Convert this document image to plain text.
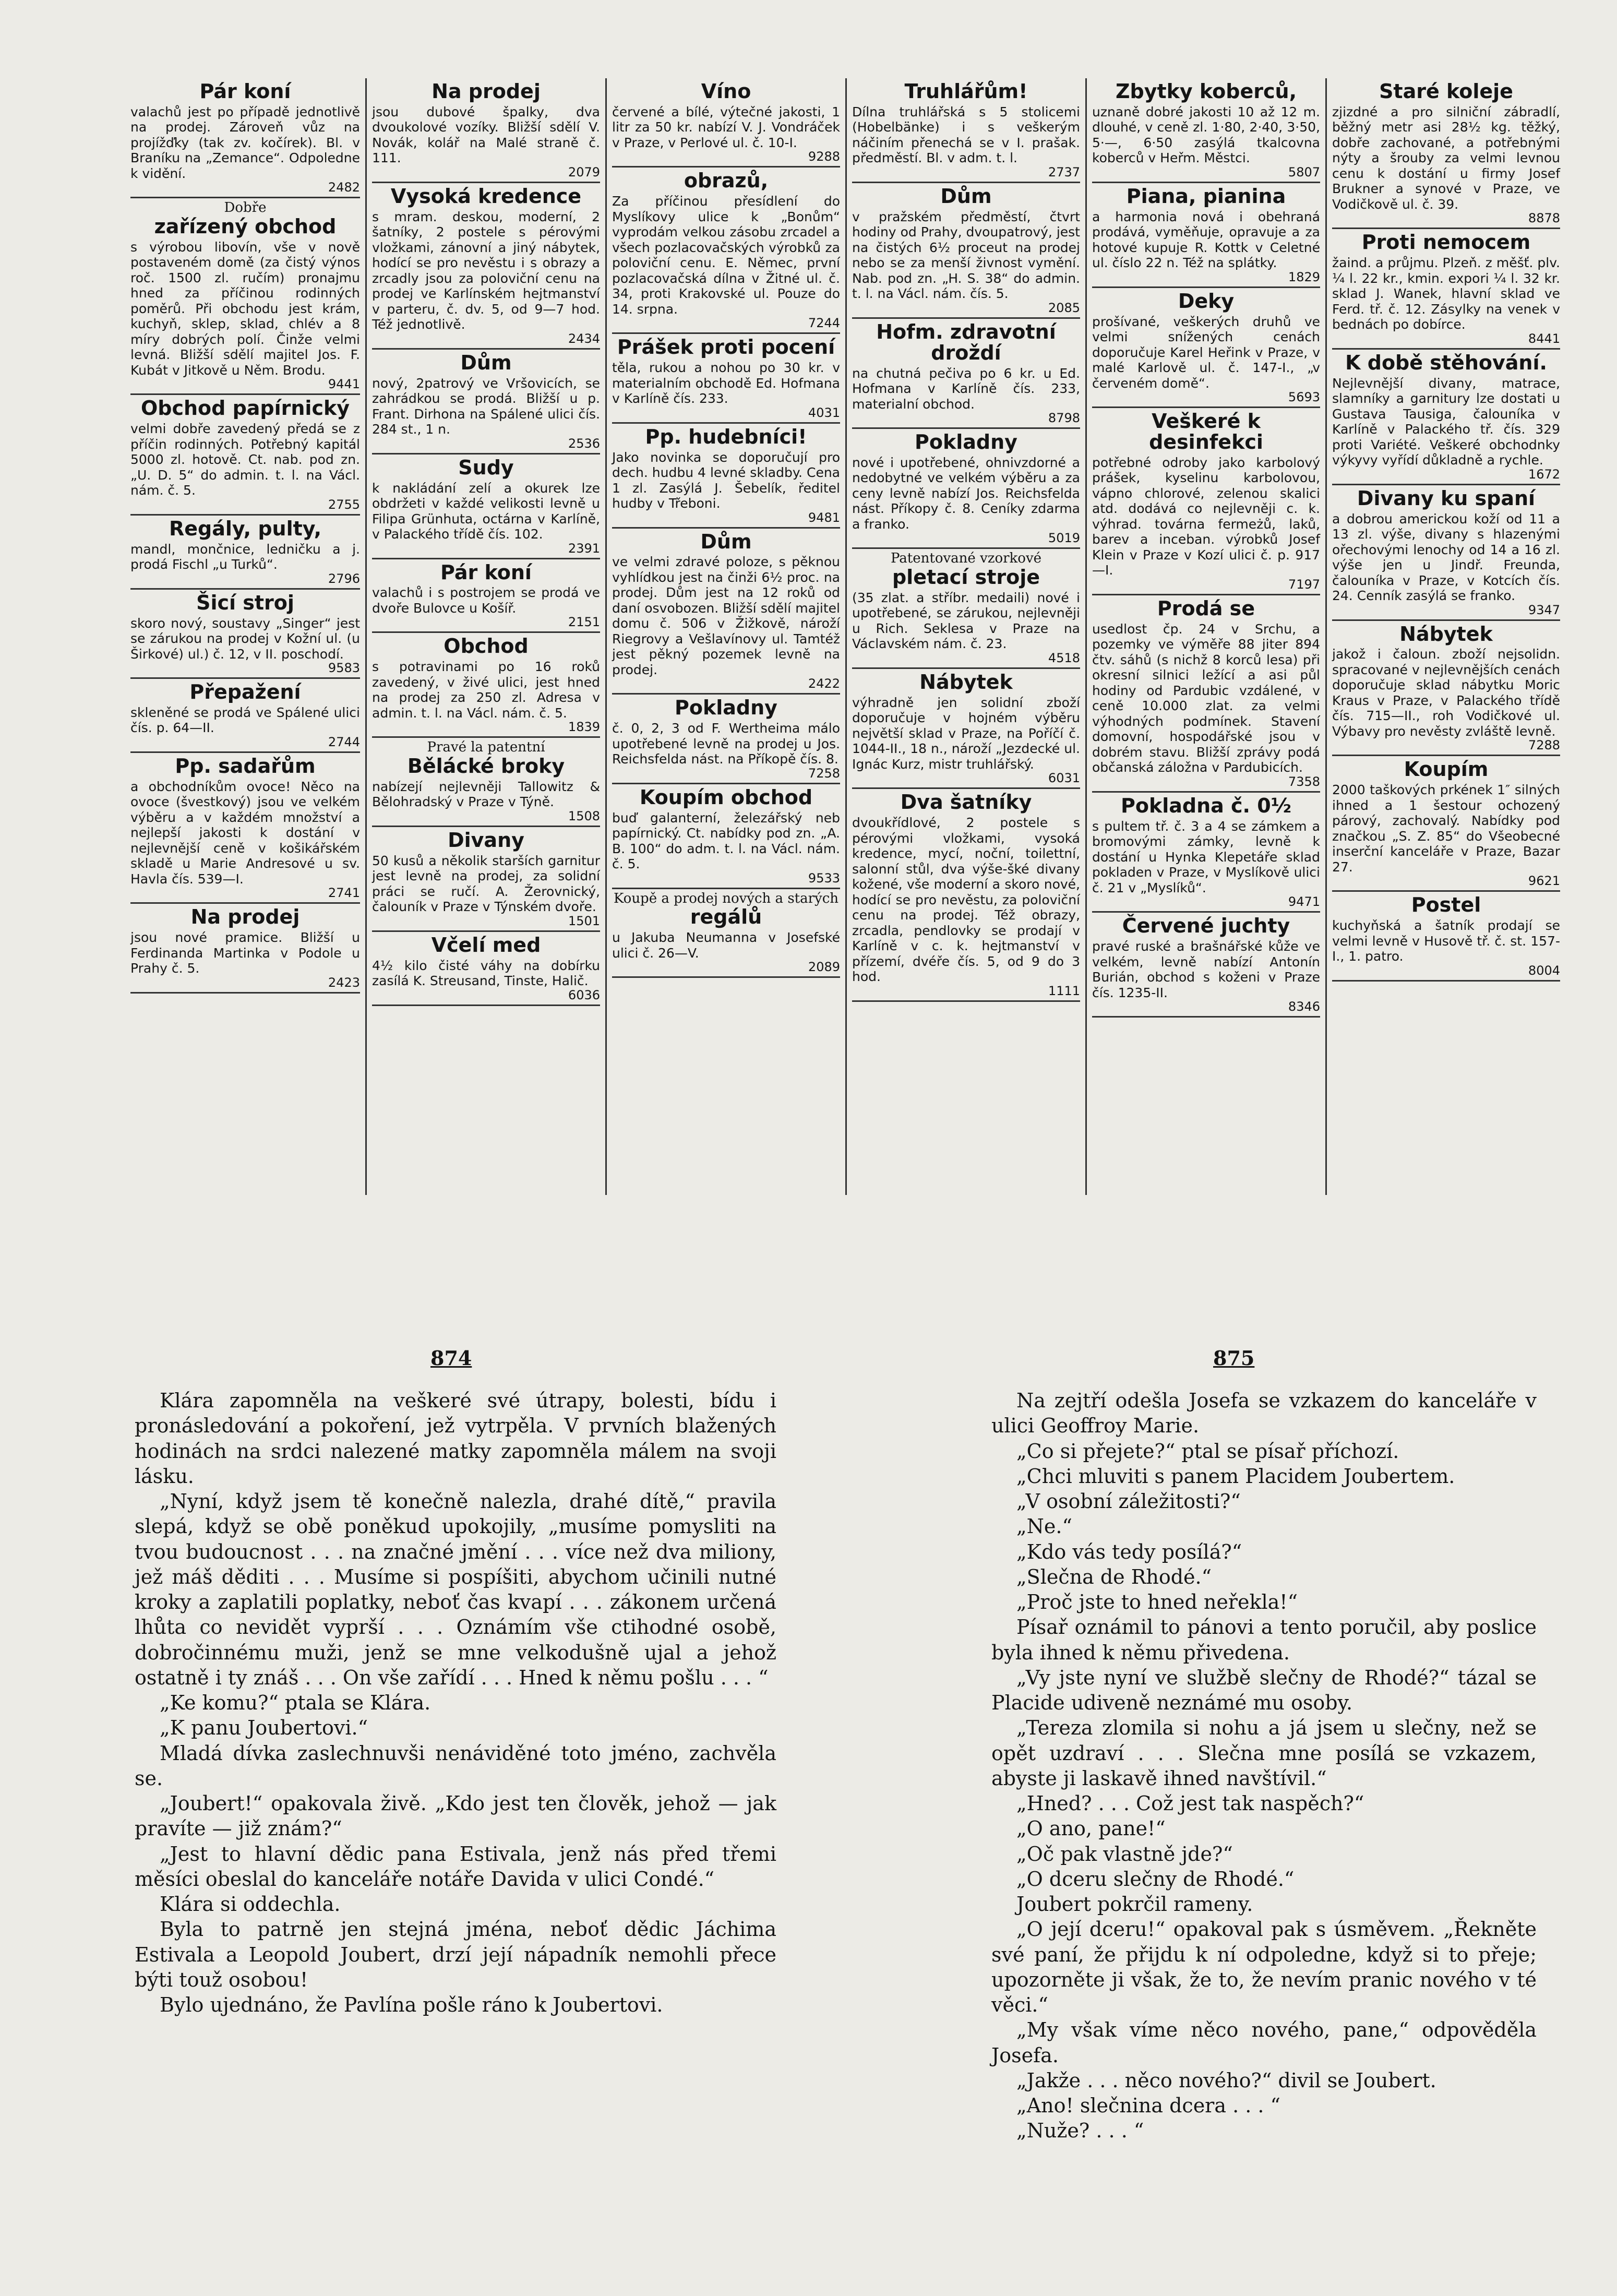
Pár koní
valachů jest po případě jednotlivě na prodej. Zároveň vůz na projížďky (tak zv. kočírek). Bl. v Braníku na „Zemance“. Odpoledne k vidění.
2482
Dobře
zařízený obchod
s výrobou libovín, vše v nově postaveném domě (za čistý výnos roč. 1500 zl. ručím) pronajmu hned za příčinou rodinných poměrů. Při obchodu jest krám, kuchyň, sklep, sklad, chlév a 8 míry dobrých polí. Činže velmi levná. Bližší sdělí majitel Jos. F. Kubát v Jitkově u Něm. Brodu.
9441
Obchod papírnický
velmi dobře zavedený předá se z příčin rodinných. Potřebný kapitál 5000 zl. hotově. Ct. nab. pod zn. „U. D. 5“ do admin. t. l. na Václ. nám. č. 5.
2755
Regály, pulty,
mandl, mončnice, ledničku a j. prodá Fischl „u Turků“.
2796
Šicí stroj
skoro nový, soustavy „Singer“ jest se zárukou na prodej v Kožní ul. (u Širkové) ul.) č. 12, v II. poschodí.
9583
Přepažení
skleněné se prodá ve Spálené ulici čís. p. 64—II.
2744
Pp. sadařům
a obchodníkům ovoce! Něco na ovoce (švestkový) jsou ve velkém výběru a v každém množství a nejlepší jakosti k dostání v nejlevnější ceně v košikářském skladě u Marie Andresové u sv. Havla čís. 539—I.
2741
Na prodej
jsou nové pramice. Bližší u Ferdinanda Martinka v Podole u Prahy č. 5.
2423
Na prodej
jsou dubové špalky, dva dvoukolové vozíky. Bližší sdělí V. Novák, kolář na Malé straně č. 111.
2079
Vysoká kredence
s mram. deskou, moderní, 2 šatníky, 2 postele s pérovými vložkami, zánovní a jiný nábytek, hodící se pro nevěstu i s obrazy a zrcadly jsou za poloviční cenu na prodej ve Karlínském hejtmanství v parteru, č. dv. 5, od 9—7 hod. Též jednotlivě.
2434
Dům
nový, 2patrový ve Vršovicích, se zahrádkou se prodá. Bližší u p. Frant. Dirhona na Spálené ulici čís. 284 st., 1 n.
2536
Sudy
k nakládání zelí a okurek lze obdržeti v každé velikosti levně u Filipa Grünhuta, octárna v Karlíně, v Palackého třídě čís. 102.
2391
Pár koní
valachů i s postrojem se prodá ve dvoře Bulovce u Košíř.
2151
Obchod
s potravinami po 16 roků zavedený, v živé ulici, jest hned na prodej za 250 zl. Adresa v admin. t. l. na Václ. nám. č. 5.
1839
Pravé la patentní
Bělácké broky
nabízejí nejlevněji Tallowitz & Bělohradský v Praze v Týně.
1508
Divany
50 kusů a několik starších garnitur jest levně na prodej, za solidní práci se ručí. A. Žerovnický, čalouník v Praze v Týnském dvoře.
1501
Včelí med
4½ kilo čisté váhy na dobírku zasílá K. Streusand, Tinste, Halič.
6036
Víno
červené a bílé, výtečné jakosti, 1 litr za 50 kr. nabízí V. J. Vondráček v Praze, v Perlové ul. č. 10-I.
9288
obrazů,
Za příčinou přesídlení do Myslíkovy ulice k „Bonům“ vyprodám velkou zásobu zrcadel a všech pozlacovačských výrobků za poloviční cenu. E. Němec, první pozlacovačská dílna v Žitné ul. č. 34, proti Krakovské ul. Pouze do 14. srpna.
7244
Prášek proti pocení
těla, rukou a nohou po 30 kr. v materialním obchodě Ed. Hofmana v Karlíně čís. 233.
4031
Pp. hudebníci!
Jako novinka se doporučují pro dech. hudbu 4 levné skladby. Cena 1 zl. Zasýlá J. Šebelík, ředitel hudby v Třeboni.
9481
Dům
ve velmi zdravé poloze, s pěknou vyhlídkou jest na činži 6½ proc. na prodej. Dům jest na 12 roků od daní osvobozen. Bližší sdělí majitel domu č. 506 v Žižkově, nároží Riegrovy a Vešlavínovy ul. Tamtéž jest pěkný pozemek levně na prodej.
2422
Pokladny
č. 0, 2, 3 od F. Wertheima málo upotřebené levně na prodej u Jos. Reichsfelda nást. na Příkopě čís. 8.
7258
Koupím obchod
buď galanterní, železářský neb papírnický. Ct. nabídky pod zn. „A. B. 100“ do adm. t. l. na Václ. nám. č. 5.
9533
Koupě a prodej nových a starých
regálů
u Jakuba Neumanna v Josefské ulici č. 26—V.
2089
Truhlářům!
Dílna truhlářská s 5 stolicemi (Hobelbänke) i s veškerým náčiním přenechá se v I. prašak. předměstí. Bl. v adm. t. l.
2737
Dům
v pražském předměstí, čtvrt hodiny od Prahy, dvoupatrový, jest na čistých 6½ proceut na prodej nebo se za menší živnost vymění. Nab. pod zn. „H. S. 38“ do admin. t. l. na Václ. nám. čís. 5.
2085
Hofm. zdravotní droždí
na chutná pečiva po 6 kr. u Ed. Hofmana v Karlíně čís. 233, materialní obchod.
8798
Pokladny
nové i upotřebené, ohnivzdorné a nedobytné ve velkém výběru a za ceny levně nabízí Jos. Reichsfelda nást. Příkopy č. 8. Ceníky zdarma a franko.
5019
Patentované vzorkové
pletací stroje
(35 zlat. a stříbr. medaili) nové i upotřebené, se zárukou, nejlevněji u Rich. Seklesa v Praze na Václavském nám. č. 23.
4518
Nábytek
výhradně jen solidní zboží doporučuje v hojném výběru největší sklad v Praze, na Poříčí č. 1044-II., 18 n., nároží „Jezdecké ul. Ignác Kurz, mistr truhlářský.
6031
Dva šatníky
dvoukřídlové, 2 postele s pérovými vložkami, vysoká kredence, mycí, noční, toilettní, salonní stůl, dva výše-šké divany kožené, vše moderní a skoro nové, hodící se pro nevěstu, za poloviční cenu na prodej. Též obrazy, zrcadla, pendlovky se prodají v Karlíně v c. k. hejtmanství v přízemí, dvéře čís. 5, od 9 do 3 hod.
1111
Zbytky koberců,
uznaně dobré jakosti 10 až 12 m. dlouhé, v ceně zl. 1·80, 2·40, 3·50, 5·—, 6·50 zasýlá tkalcovna koberců v Heřm. Městci.
5807
Piana, pianina
a harmonia nová i obehraná prodává, vyměňuje, opravuje a za hotové kupuje R. Kottk v Celetné ul. číslo 22 n. Též na splátky.
1829
Deky
prošívané, veškerých druhů ve velmi snížených cenách doporučuje Karel Heřink v Praze, v malé Karlově ul. č. 147-I., „v červeném domě“.
5693
Veškeré k desinfekci
potřebné odroby jako karbolový prášek, kyselinu karbolovou, vápno chlorové, zelenou skalici atd. dodává co nejlevněji c. k. výhrad. továrna fermeżů, laků, barev a inceban. výrobků Josef Klein v Praze v Kozí ulici č. p. 917—I.
7197
Prodá se
usedlost čp. 24 v Srchu, a pozemky ve výměře 88 jiter 894 čtv. sáhů (s nichž 8 korců lesa) při okresní silnici ležící a asi půl hodiny od Pardubic vzdálené, v ceně 10.000 zlat. za velmi výhodných podmínek. Stavení domovní, hospodářské jsou v dobrém stavu. Bližší zprávy podá občanská záložna v Pardubicích.
7358
Pokladna č. 0½
s pultem tř. č. 3 a 4 se zámkem a bromovými zámky, levně k dostání u Hynka Klepetáře sklad pokladen v Praze, v Myslíkově ulici č. 21 v „Myslíků“.
9471
Červené juchty
pravé ruské a brašnářské kůže ve velkém, levně nabízí Antonín Burián, obchod s koženi v Praze čís. 1235-II.
8346
Staré koleje
zjizdné a pro silniční zábradlí, běžný metr asi 28½ kg. těžký, dobře zachované, a potřebnými nýty a šrouby za velmi levnou cenu k dostání u firmy Josef Brukner a synové v Praze, ve Vodičkově ul. č. 39.
8878
Proti nemocem
žaind. a průjmu. Plzeň. z měšť. plv. ¼ l. 22 kr., kmin. expori ¼ l. 32 kr. sklad J. Wanek, hlavní sklad ve Ferd. tř. č. 12. Zásylky na venek v bednách po dobírce.
8441
K době stěhování.
Nejlevnější divany, matrace, slamníky a garnitury lze dostati u Gustava Tausiga, čalouníka v Karlíně v Palackého tř. čís. 329 proti Variété. Veškeré obchodnky výkyvy vyřídí důkladně a rychle.
1672
Divany ku spaní
a dobrou americkou koží od 11 a 13 zl. výše, divany s hlazenými ořechovými lenochy od 14 a 16 zl. výše jen u Jindř. Freunda, čalouníka v Praze, v Kotcích čís. 24. Cenník zasýlá se franko.
9347
Nábytek
jakož i čaloun. zboží nejsolidn. spracované v nejlevnějších cenách doporučuje sklad nábytku Moric Kraus v Praze, v Palackého třídě čís. 715—II., roh Vodičkové ul. Výbavy pro nevěsty zvláště levně.
7288
Koupím
2000 taškových prkének 1″ silných ihned a 1 šestour ochozený párový, zachovalý. Nabídky pod značkou „S. Z. 85“ do Všeobecné inserční kanceláře v Praze, Bazar 27.
9621
Postel
kuchyňská a šatník prodají se velmi levně v Husově tř. č. st. 157-I., 1. patro.
8004
874	875

Klára zapomněla na veškeré své útrapy, bolesti, bídu i pronásledování a pokoření, jež vytrpěla. V prvních blažených hodinách na srdci nalezené matky zapomněla málem na svoji lásku.

„Nyní, když jsem tě konečně nalezla, drahé dítě,“ pravila slepá, když se obě poněkud upokojily, „musíme pomysliti na tvou budoucnost . . . na značné jmění . . . více než dva miliony, jež máš děditi . . . Musíme si pospíšiti, abychom učinili nutné kroky a zaplatili poplatky, neboť čas kvapí . . . zákonem určená lhůta co nevidět vyprší . . . Oznámím vše ctihodné osobě, dobročinnému muži, jenž se mne velkodušně ujal a jehož ostatně i ty znáš . . . On vše zařídí . . . Hned k němu pošlu . . . “

„Ke komu?“ ptala se Klára.

„K panu Joubertovi.“

Mladá dívka zaslechnuvši nenáviděné toto jméno, zachvěla se.

„Joubert!“ opakovala živě. „Kdo jest ten člověk, jehož — jak pravíte — již znám?“

„Jest to hlavní dědic pana Estivala, jenž nás před třemi měsíci obeslal do kanceláře notáře Davida v ulici Condé.“

Klára si oddechla.

Byla to patrně jen stejná jména, neboť dědic Jáchima Estivala a Leopold Joubert, drzí její nápadník nemohli přece býti touž osobou!

Bylo ujednáno, že Pavlína pošle ráno k Joubertovi.

Na zejtří odešla Josefa se vzkazem do kanceláře v ulici Geoffroy Marie.

„Co si přejete?“ ptal se písař příchozí.

„Chci mluviti s panem Placidem Joubertem.

„V osobní záležitosti?“

„Ne.“

„Kdo vás tedy posílá?“

„Slečna de Rhodé.“

„Proč jste to hned neřekla!“

Písař oznámil to pánovi a tento poručil, aby poslice byla ihned k němu přivedena.

„Vy jste nyní ve službě slečny de Rhodé?“ tázal se Placide udiveně neznámé mu osoby.

„Tereza zlomila si nohu a já jsem u slečny, než se opět uzdraví . . . Slečna mne posílá se vzkazem, abyste ji laskavě ihned navštívil.“

„Hned? . . . Což jest tak naspěch?“

„O ano, pane!“

„Oč pak vlastně jde?“

„O dceru slečny de Rhodé.“

Joubert pokrčil rameny.

„O její dceru!“ opakoval pak s úsměvem. „Řekněte své paní, že přijdu k ní odpoledne, když si to přeje; upozorněte ji však, že to, že nevím pranic nového v té věci.“

„My však víme něco nového, pane,“ odpověděla Josefa.

„Jakže . . . něco nového?“ divil se Joubert.

„Ano! slečnina dcera . . . “

„Nuže? . . . “
